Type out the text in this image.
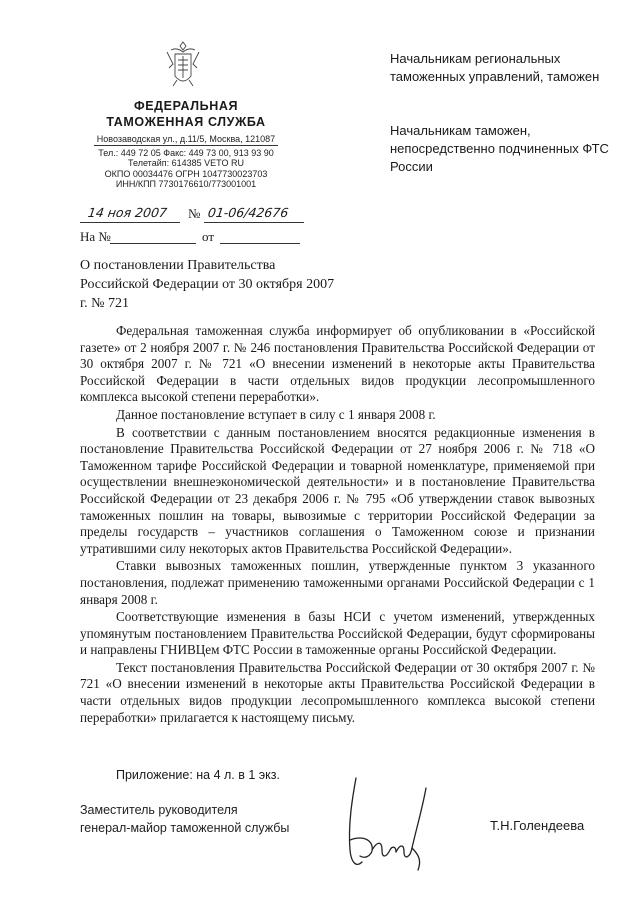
ФЕДЕРАЛЬНАЯ
ТАМОЖЕННАЯ СЛУЖБА
Новозаводская ул., д.11/5, Москва, 121087
Тел.: 449 72 05 Факс: 449 73 00, 913 93 90
Телетайп: 614385 VETO RU
ОКПО 00034476 ОГРН 1047730023703
ИНН/КПП 7730176610/773001001
Начальникам региональных таможенных управлений, таможен
Начальникам таможен, непосредственно подчиненных ФТС России
14 ноя 2007 № 01-06/42676
На №	от
О постановлении Правительства Российской Федерации от 30 октября 2007 г. № 721

Федеральная таможенная служба информирует об опубликовании в «Российской газете» от 2 ноября 2007 г. № 246 постановления Правительства Российской Федерации от 30 октября 2007 г. № 721 «О внесении изменений в некоторые акты Правительства Российской Федерации в части отдельных видов продукции лесопромышленного комплекса высокой степени переработки».

Данное постановление вступает в силу с 1 января 2008 г.

В соответствии с данным постановлением вносятся редакционные изменения в постановление Правительства Российской Федерации от 27 ноября 2006 г. № 718 «О Таможенном тарифе Российской Федерации и товарной номенклатуре, применяемой при осуществлении внешнеэкономической деятельности» и в постановление Правительства Российской Федерации от 23 декабря 2006 г. № 795 «Об утверждении ставок вывозных таможенных пошлин на товары, вывозимые с территории Российской Федерации за пределы государств – участников соглашения о Таможенном союзе и признании утратившими силу некоторых актов Правительства Российской Федерации».

Ставки вывозных таможенных пошлин, утвержденные пунктом 3 указанного постановления, подлежат применению таможенными органами Российской Федерации с 1 января 2008 г.

Соответствующие изменения в базы НСИ с учетом изменений, утвержденных упомянутым постановлением Правительства Российской Федерации, будут сформированы и направлены ГНИВЦем ФТС России в таможенные органы Российской Федерации.

Текст постановления Правительства Российской Федерации от 30 октября 2007 г. № 721 «О внесении изменений в некоторые акты Правительства Российской Федерации в части отдельных видов продукции лесопромышленного комплекса высокой степени переработки» прилагается к настоящему письму.

Приложение: на 4 л. в 1 экз.
Заместитель руководителя
генерал-майор таможенной службы	Т.Н.Голендеева
